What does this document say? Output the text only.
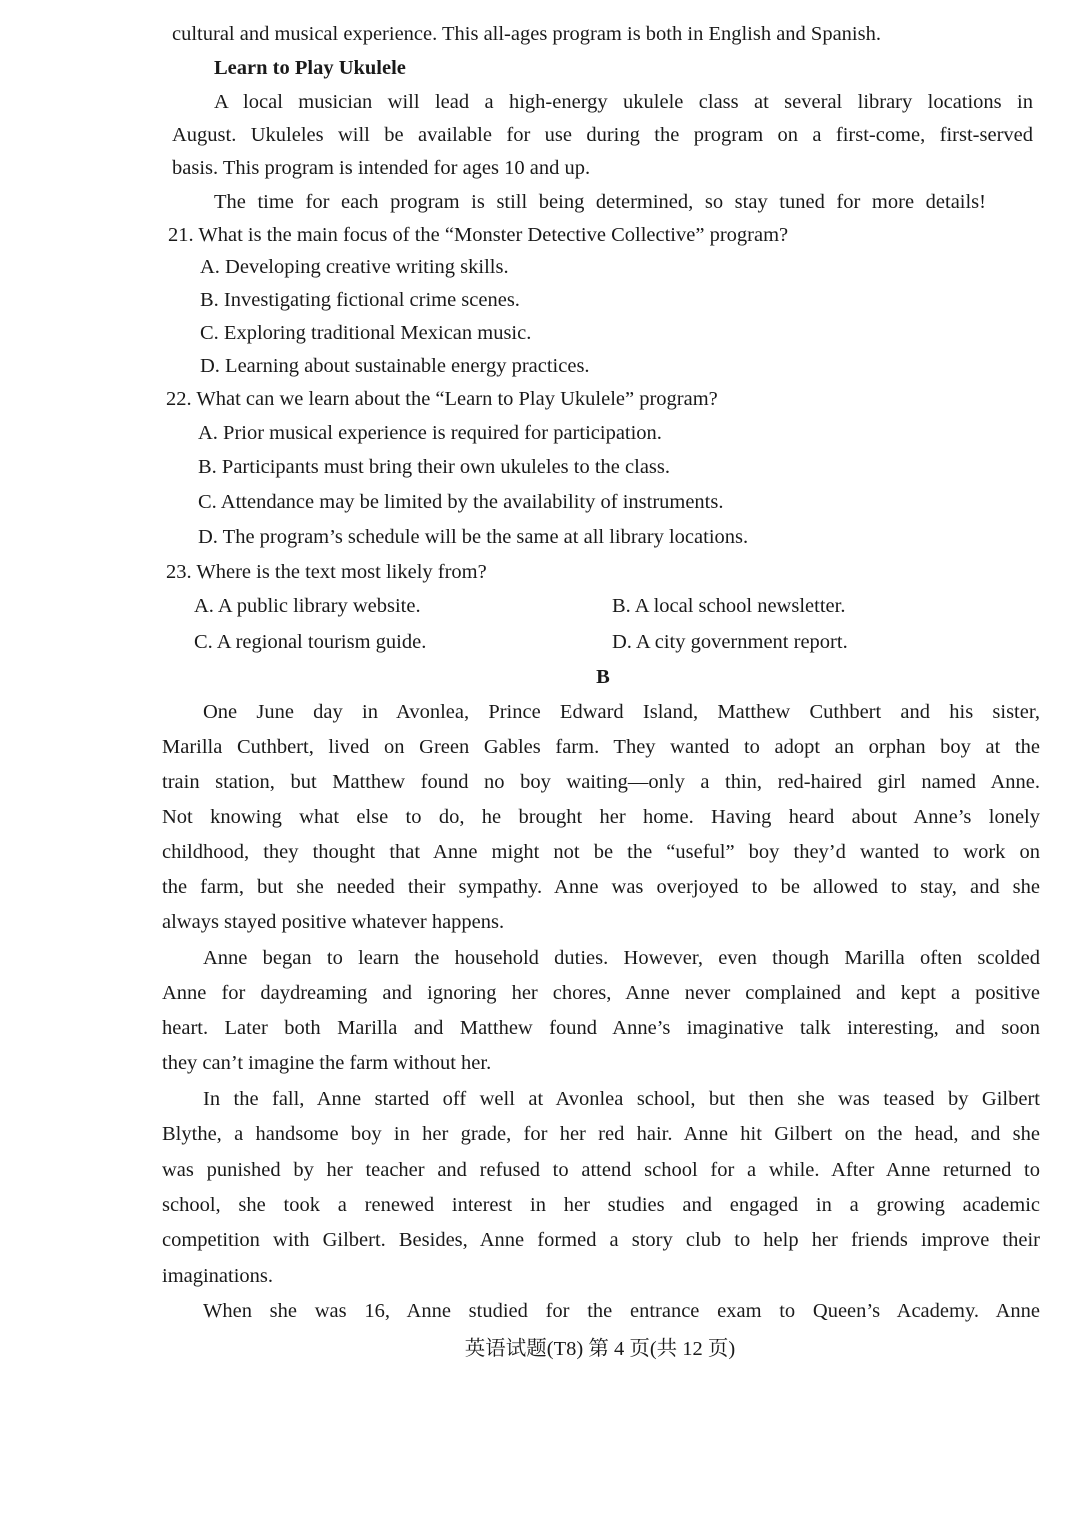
cultural and musical experience. This all-ages program is both in English and Spanish.
Learn to Play Ukulele
A local musician will lead a high-energy ukulele class at several library locations in
August. Ukuleles will be available for use during the program on a first-come, first-served
basis. This program is intended for ages 10 and up.
The time for each program is still being determined, so stay tuned for more details!
21. What is the main focus of the “Monster Detective Collective” program?
A. Developing creative writing skills.
B. Investigating fictional crime scenes.
C. Exploring traditional Mexican music.
D. Learning about sustainable energy practices.
22. What can we learn about the “Learn to Play Ukulele” program?
A. Prior musical experience is required for participation.
B. Participants must bring their own ukuleles to the class.
C. Attendance may be limited by the availability of instruments.
D. The program’s schedule will be the same at all library locations.
23. Where is the text most likely from?
A. A public library website.	B. A local school newsletter.
C. A regional tourism guide.	D. A city government report.
B
One June day in Avonlea, Prince Edward Island, Matthew Cuthbert and his sister,
Marilla Cuthbert, lived on Green Gables farm. They wanted to adopt an orphan boy at the
train station, but Matthew found no boy waiting—only a thin, red-haired girl named Anne.
Not knowing what else to do, he brought her home. Having heard about Anne’s lonely
childhood, they thought that Anne might not be the “useful” boy they’d wanted to work on
the farm, but she needed their sympathy. Anne was overjoyed to be allowed to stay, and she
always stayed positive whatever happens.
Anne began to learn the household duties. However, even though Marilla often scolded
Anne for daydreaming and ignoring her chores, Anne never complained and kept a positive
heart. Later both Marilla and Matthew found Anne’s imaginative talk interesting, and soon
they can’t imagine the farm without her.
In the fall, Anne started off well at Avonlea school, but then she was teased by Gilbert
Blythe, a handsome boy in her grade, for her red hair. Anne hit Gilbert on the head, and she
was punished by her teacher and refused to attend school for a while. After Anne returned to
school, she took a renewed interest in her studies and engaged in a growing academic
competition with Gilbert. Besides, Anne formed a story club to help her friends improve their
imaginations.
When she was 16, Anne studied for the entrance exam to Queen’s Academy. Anne
英语试题(T8) 第 4 页(共 12 页)
